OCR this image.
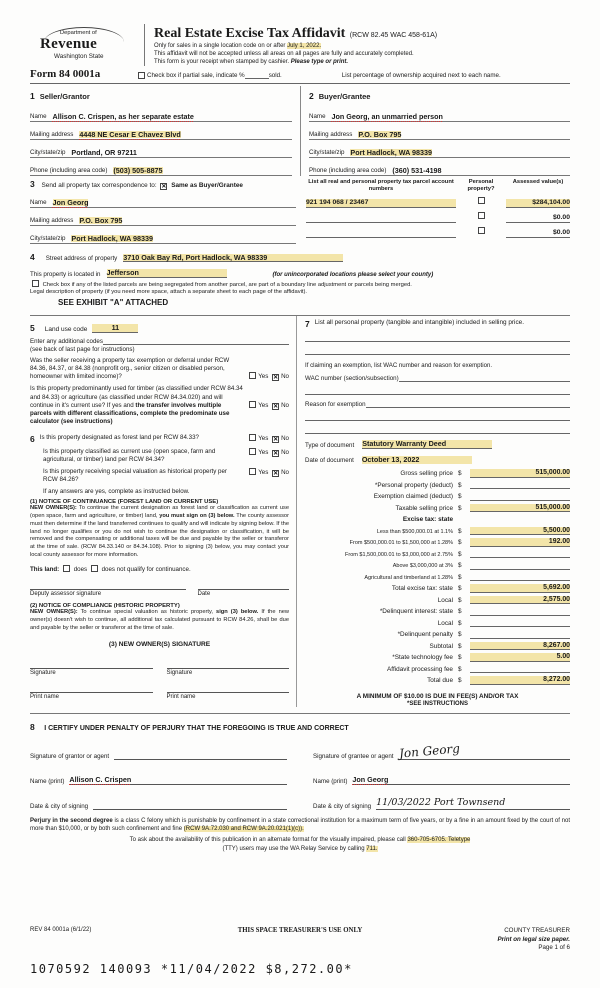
Department of
Revenue
Washington State
Real Estate Excise Tax Affidavit (RCW 82.45 WAC 458-61A)
Only for sales in a single location code on or after July 1, 2022.
This affidavit will not be accepted unless all areas on all pages are fully and accurately completed.
This form is your receipt when stamped by cashier. Please type or print.
Form 84 0001a	Check box if partial sale, indicate %	sold.	List percentage of ownership acquired next to each name.
1 Seller/Grantor
Name Allison C. Crispen, as her separate estate
Mailing address 4448 NE Cesar E Chavez Blvd
City/state/zip Portland, OR 97211
Phone (including area code) (503) 505-8875
2 Buyer/Grantee
Name Jon Georg, an unmarried person
Mailing address P.O. Box 795
City/state/zip Port Hadlock, WA 98339
Phone (including area code) (360) 531-4198
3 Send all property tax correspondence to: ✕ Same as Buyer/Grantee
Name Jon Georg
Mailing address P.O. Box 795
City/state/zip Port Hadlock, WA 98339
List all real and personal property tax parcel account numbers
Personal property?
Assessed value(s)
921 194 068 / 23467	$284,104.00
$0.00
$0.00
4 Street address of property 3710 Oak Bay Rd, Port Hadlock, WA 98339
This property is located in Jefferson	(for unincorporated locations please select your county)
Check box if any of the listed parcels are being segregated from another parcel, are part of a boundary line adjustment or parcels being merged.
Legal description of property (if you need more space, attach a separate sheet to each page of the affidavit).
SEE EXHIBIT "A" ATTACHED
5 Land use code	11
Enter any additional codes
(see back of last page for instructions)
Was the seller receiving a property tax exemption or deferral under RCW 84.36, 84.37, or 84.38 (nonprofit org., senior citizen or disabled person, homeowner with limited income)?	Yes ✕ No
Is this property predominantly used for timber (as classified under RCW 84.34 and 84.33) or agriculture (as classified under RCW 84.34.020) and will continue in it's current use? If yes and the transfer involves multiple parcels with different classifications, complete the predominate use calculator (see instructions)
Yes ✕ No
6 Is this property designated as forest land per RCW 84.33?	Yes ✕ No
Is this property classified as current use (open space, farm and agricultural, or timber) land per RCW 84.34?
Yes ✕ No
Is this property receiving special valuation as historical property per RCW 84.26?
Yes ✕ No
If any answers are yes, complete as instructed below.
(1) NOTICE OF CONTINUANCE (FOREST LAND OR CURRENT USE)
NEW OWNER(S): To continue the current designation as forest land or classification as current use (open space, farm and agriculture, or timber) land, you must sign on (3) below. The county assessor must then determine if the land transferred continues to qualify and will indicate by signing below. If the land no longer qualifies or you do not wish to continue the designation or classification, it will be removed and the compensating or additional taxes will be due and payable by the seller or transferor at the time of sale. (RCW 84.33.140 or 84.34.108). Prior to signing (3) below, you may contact your local county assessor for more information.
This land: does does not qualify for continuance.
Deputy assessor signature	Date
(2) NOTICE OF COMPLIANCE (HISTORIC PROPERTY)
NEW OWNER(S): To continue special valuation as historic property, sign (3) below. If the new owner(s) doesn't wish to continue, all additional tax calculated pursuant to RCW 84.26, shall be due and payable by the seller or transferor at the time of sale.
(3) NEW OWNER(S) SIGNATURE
Signature	Signature
Print name	Print name
7 List all personal property (tangible and intangible) included in selling price.
If claiming an exemption, list WAC number and reason for exemption.
WAC number (section/subsection)
Reason for exemption
Type of document Statutory Warranty Deed
Date of document October 13, 2022
Gross selling price $	515,000.00
*Personal property (deduct) $
Exemption claimed (deduct) $
Taxable selling price $	515,000.00
Excise tax: state
Less than $500,000.01 at 1.1% $	5,500.00
From $500,000.01 to $1,500,000 at 1.28% $	192.00
From $1,500,000.01 to $3,000,000 at 2.75% $
Above $3,000,000 at 3% $
Agricultural and timberland at 1.28% $
Total excise tax: state $	5,692.00
Local $	2,575.00
*Delinquent interest: state $
Local $
*Delinquent penalty $
Subtotal $	8,267.00
*State technology fee $	5.00
Affidavit processing fee $
Total due $	8,272.00
A MINIMUM OF $10.00 IS DUE IN FEE(S) AND/OR TAX
*SEE INSTRUCTIONS
8 I CERTIFY UNDER PENALTY OF PERJURY THAT THE FOREGOING IS TRUE AND CORRECT
Signature of grantor or agent
Name (print) Allison C. Crispen
Date & city of signing
Signature of grantee or agent Jon Georg
Name (print) Jon Georg
Date & city of signing 11/03/2022 Port Townsend
Perjury in the second degree is a class C felony which is punishable by confinement in a state correctional institution for a maximum term of five years, or by a fine in an amount fixed by the court of not more than $10,000, or by both such confinement and fine (RCW 9A.72.030 and RCW 9A.20.021(1)(c)).
To ask about the availability of this publication in an alternate format for the visually impaired, please call 360-705-6705. Teletype
(TTY) users may use the WA Relay Service by calling 711.
REV 84 0001a (6/1/22)	THIS SPACE TREASURER'S USE ONLY	COUNTY TREASURER
Print on legal size paper.
Page 1 of 6
1070592 140093 *11/04/2022 $8,272.00*
